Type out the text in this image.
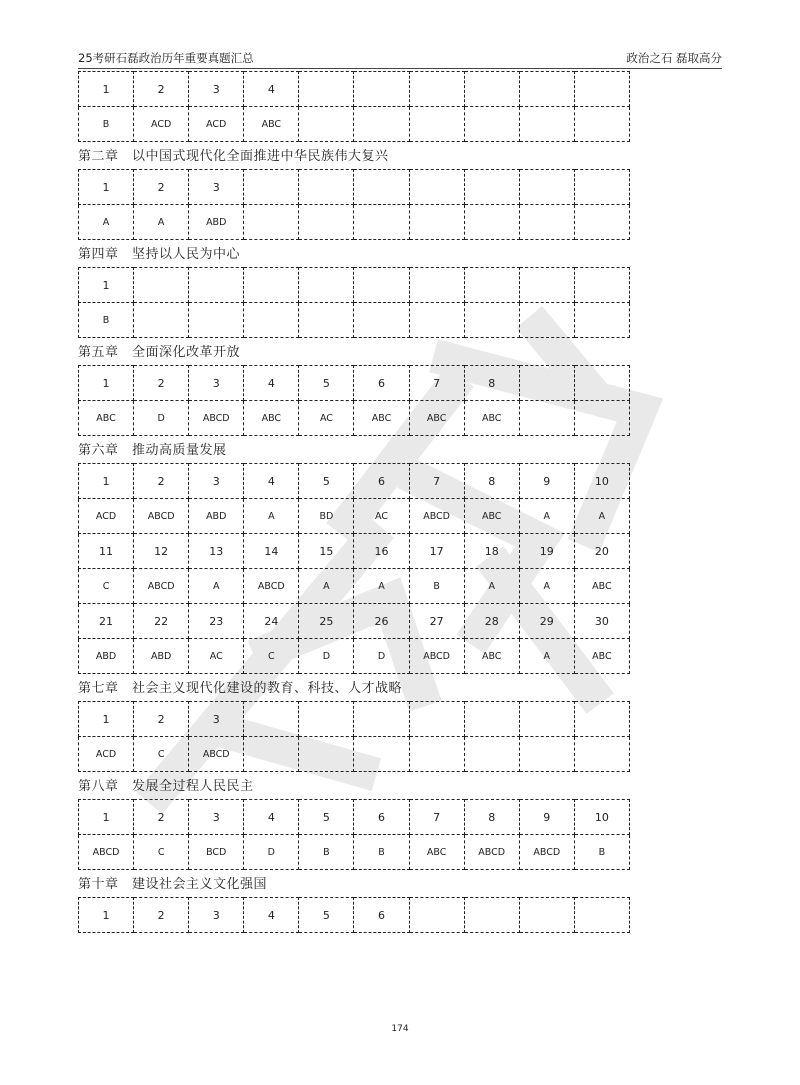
25考研石磊政治历年重要真题汇总	政治之石 磊取高分
1	2	3	4						
B	ACD	ACD	ABC						
第二章　以中国式现代化全面推进中华民族伟大复兴
1	2	3							
A	A	ABD							
第四章　坚持以人民为中心
1									
B									
第五章　全面深化改革开放
1	2	3	4	5	6	7	8		
ABC	D	ABCD	ABC	AC	ABC	ABC	ABC		
第六章　推动高质量发展
1	2	3	4	5	6	7	8	9	10
ACD	ABCD	ABD	A	BD	AC	ABCD	ABC	A	A
11	12	13	14	15	16	17	18	19	20
C	ABCD	A	ABCD	A	A	B	A	A	ABC
21	22	23	24	25	26	27	28	29	30
ABD	ABD	AC	C	D	D	ABCD	ABC	A	ABC
第七章　社会主义现代化建设的教育、科技、人才战略
1	2	3							
ACD	C	ABCD							
第八章　发展全过程人民民主
1	2	3	4	5	6	7	8	9	10
ABCD	C	BCD	D	B	B	ABC	ABCD	ABCD	B
第十章　建设社会主义文化强国
1	2	3	4	5	6				
174
